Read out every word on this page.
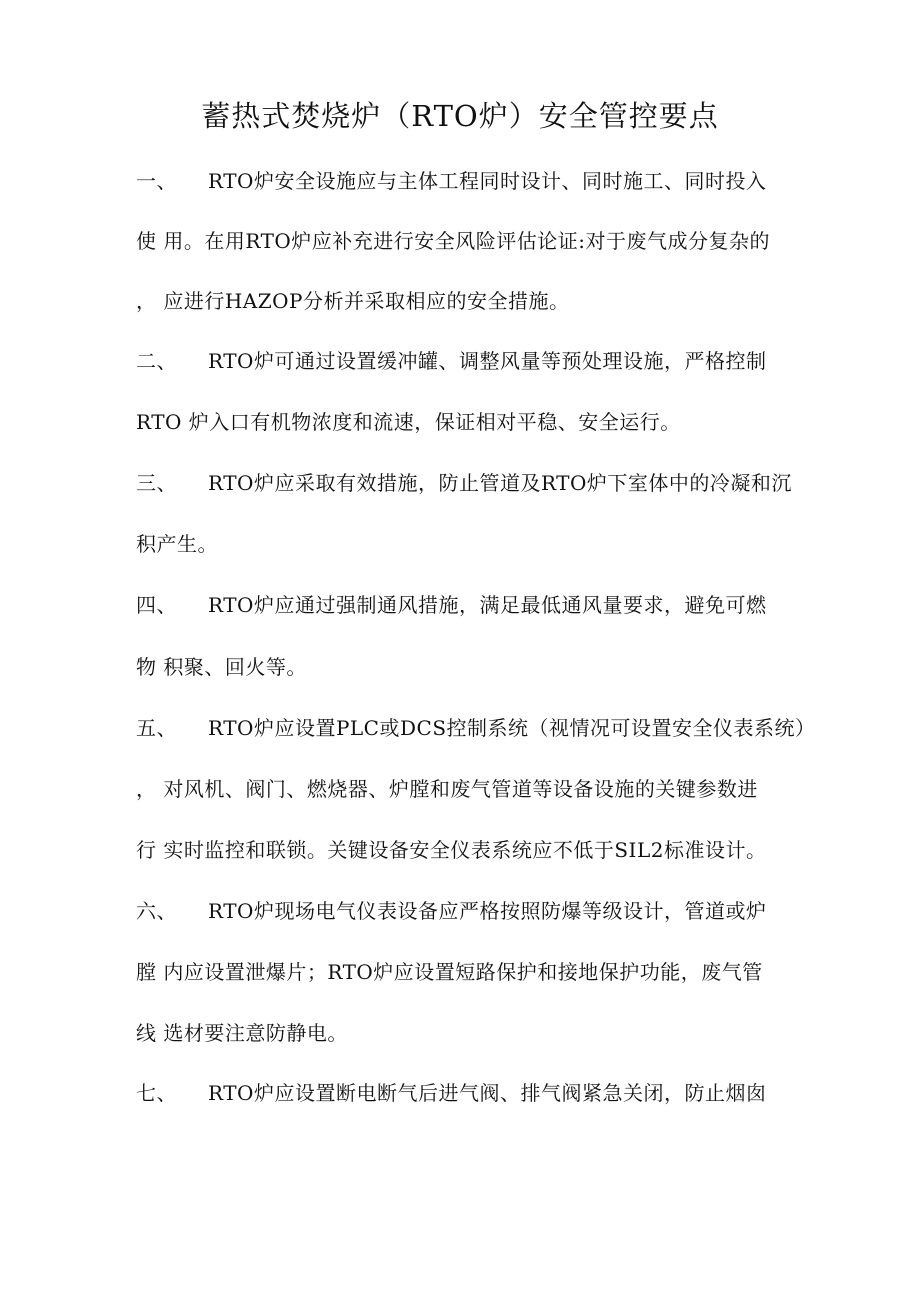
蓄热式焚烧炉（RTO炉）安全管控要点
一、 RTO炉安全设施应与主体工程同时设计、同时施工、同时投入
使 用。在用RTO炉应补充进行安全风险评估论证:对于废气成分复杂的
， 应进行HAZOP分析并采取相应的安全措施。
二、 RTO炉可通过设置缓冲罐、调整风量等预处理设施，严格控制
RTO 炉入口有机物浓度和流速，保证相对平稳、安全运行。
三、 RTO炉应采取有效措施，防止管道及RTO炉下室体中的冷凝和沉
积产生。
四、 RTO炉应通过强制通风措施，满足最低通风量要求，避免可燃
物 积聚、回火等。
五、 RTO炉应设置PLC或DCS控制系统（视情况可设置安全仪表系统）
， 对风机、阀门、燃烧器、炉膛和废气管道等设备设施的关键参数进
行 实时监控和联锁。关键设备安全仪表系统应不低于SIL2标准设计。
六、 RTO炉现场电气仪表设备应严格按照防爆等级设计，管道或炉
膛 内应设置泄爆片；RTO炉应设置短路保护和接地保护功能，废气管
线 选材要注意防静电。
七、 RTO炉应设置断电断气后进气阀、排气阀紧急关闭，防止烟囱
